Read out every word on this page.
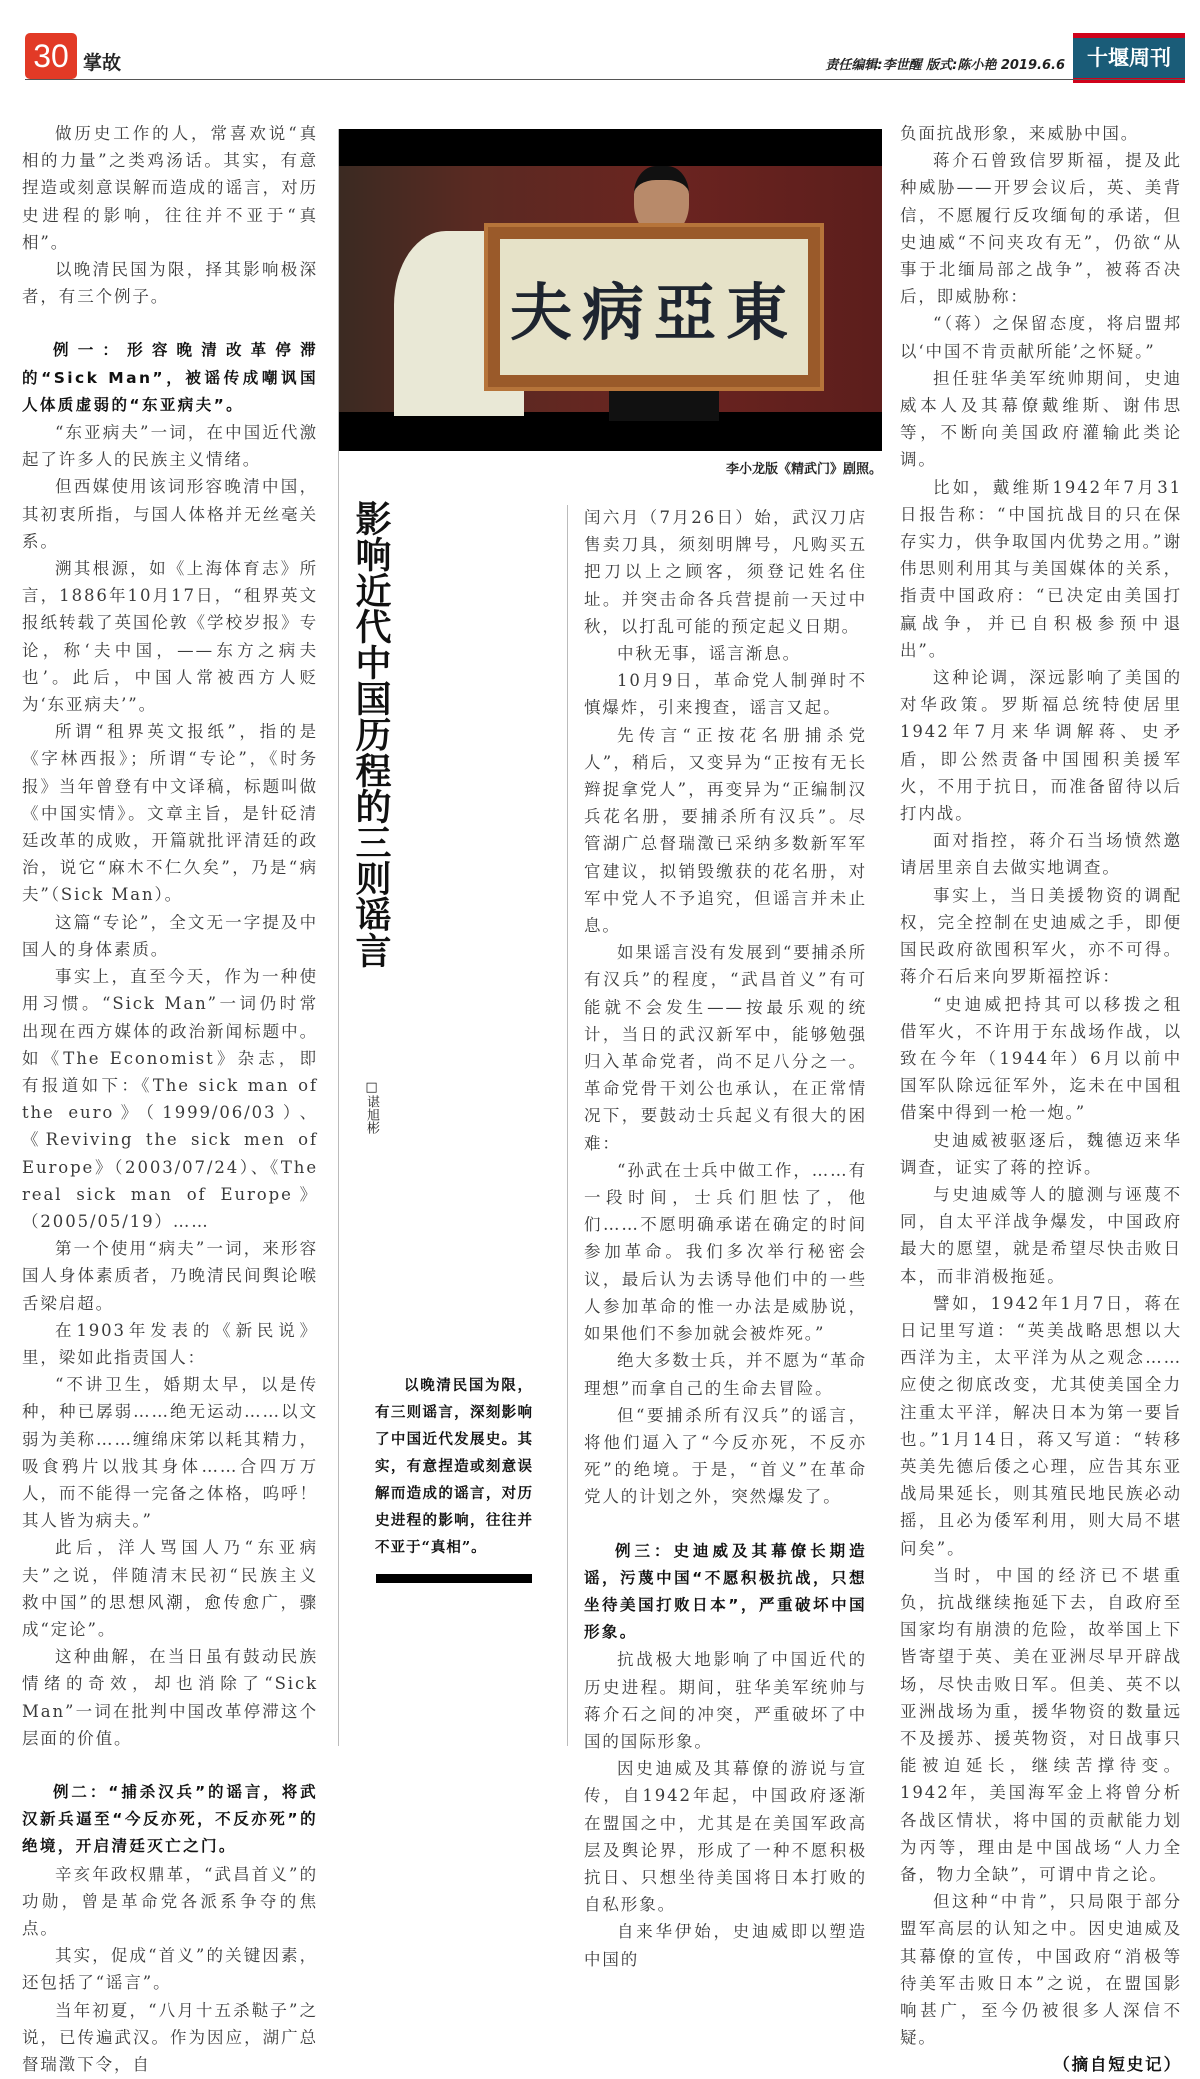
30 掌故	责任编辑:李世醒 版式:陈小艳 2019.6.6	十堰周刊

做历史工作的人，常喜欢说“真相的力量”之类鸡汤话。其实，有意捏造或刻意误解而造成的谣言，对历史进程的影响，往往并不亚于“真相”。

以晚清民国为限，择其影响极深者，有三个例子。

例一：形容晚清改革停滞的“Sick Man”，被谣传成嘲讽国人体质虚弱的“东亚病夫”。

“东亚病夫”一词，在中国近代激起了许多人的民族主义情绪。

但西媒使用该词形容晚清中国，其初衷所指，与国人体格并无丝毫关系。

溯其根源，如《上海体育志》所言，1886年10月17日，“租界英文报纸转载了英国伦敦《学校岁报》专论，称‘夫中国，——东方之病夫也’。此后，中国人常被西方人贬为‘东亚病夫’”。

所谓“租界英文报纸”，指的是《字林西报》；所谓“专论”，《时务报》当年曾登有中文译稿，标题叫做《中国实情》。文章主旨，是针砭清廷改革的成败，开篇就批评清廷的政治，说它“麻木不仁久矣”，乃是“病夫”（Sick Man）。

这篇“专论”，全文无一字提及中国人的身体素质。

事实上，直至今天，作为一种使用习惯。“Sick Man”一词仍时常出现在西方媒体的政治新闻标题中。如《The Economist》杂志，即有报道如下：《The sick man of the euro》（1999/06/03）、《Reviving the sick men of Europe》（2003/07/24）、《The real sick man of Europe》（2005/05/19）……

第一个使用“病夫”一词，来形容国人身体素质者，乃晚清民间舆论喉舌梁启超。

在1903年发表的《新民说》里，梁如此指责国人：

“不讲卫生，婚期太早，以是传种，种已孱弱……绝无运动……以文弱为美称……缠绵床笫以耗其精力，吸食鸦片以戕其身体……合四万万人，而不能得一完备之体格，呜呼！其人皆为病夫。”

此后，洋人骂国人乃“东亚病夫”之说，伴随清末民初“民族主义救中国”的思想风潮，愈传愈广，骤成“定论”。

这种曲解，在当日虽有鼓动民族情绪的奇效，却也消除了“Sick Man”一词在批判中国改革停滞这个层面的价值。

例二：“捕杀汉兵”的谣言，将武汉新兵逼至“今反亦死，不反亦死”的绝境，开启清廷灭亡之门。

辛亥年政权鼎革，“武昌首义”的功勋，曾是革命党各派系争夺的焦点。

其实，促成“首义”的关键因素，还包括了“谣言”。

当年初夏，“八月十五杀鞑子”之说，已传遍武汉。作为因应，湖广总督瑞澂下令，自

夫病亞東
李小龙版《精武门》剧照。
影响近代中国历程的三则谣言
□谌旭彬
以晚清民国为限，有三则谣言，深刻影响了中国近代发展史。其实，有意捏造或刻意误解而造成的谣言，对历史进程的影响，往往并不亚于“真相”。

闰六月（7月26日）始，武汉刀店售卖刀具，须刻明牌号，凡购买五把刀以上之顾客，须登记姓名住址。并突击命各兵营提前一天过中秋，以打乱可能的预定起义日期。

中秋无事，谣言渐息。

10月9日，革命党人制弹时不慎爆炸，引来搜查，谣言又起。

先传言“正按花名册捕杀党人”，稍后，又变异为“正按有无长辫捉拿党人”，再变异为“正编制汉兵花名册，要捕杀所有汉兵”。尽管湖广总督瑞澂已采纳多数新军军官建议，拟销毁缴获的花名册，对军中党人不予追究，但谣言并未止息。

如果谣言没有发展到“要捕杀所有汉兵”的程度，“武昌首义”有可能就不会发生——按最乐观的统计，当日的武汉新军中，能够勉强归入革命党者，尚不足八分之一。革命党骨干刘公也承认，在正常情况下，要鼓动士兵起义有很大的困难：

“孙武在士兵中做工作，……有一段时间，士兵们胆怯了，他们……不愿明确承诺在确定的时间参加革命。我们多次举行秘密会议，最后认为去诱导他们中的一些人参加革命的惟一办法是威胁说，如果他们不参加就会被炸死。”

绝大多数士兵，并不愿为“革命理想”而拿自己的生命去冒险。

但“要捕杀所有汉兵”的谣言，将他们逼入了“今反亦死，不反亦死”的绝境。于是，“首义”在革命党人的计划之外，突然爆发了。

例三：史迪威及其幕僚长期造谣，污蔑中国“不愿积极抗战，只想坐待美国打败日本”，严重破坏中国形象。

抗战极大地影响了中国近代的历史进程。期间，驻华美军统帅与蒋介石之间的冲突，严重破坏了中国的国际形象。

因史迪威及其幕僚的游说与宣传，自1942年起，中国政府逐渐在盟国之中，尤其是在美国军政高层及舆论界，形成了一种不愿积极抗日、只想坐待美国将日本打败的自私形象。

自来华伊始，史迪威即以塑造中国的

负面抗战形象，来威胁中国。

蒋介石曾致信罗斯福，提及此种威胁——开罗会议后，英、美背信，不愿履行反攻缅甸的承诺，但史迪威“不问夹攻有无”，仍欲“从事于北缅局部之战争”，被蒋否决后，即威胁称：

“（蒋）之保留态度，将启盟邦以‘中国不肯贡献所能’之怀疑。”

担任驻华美军统帅期间，史迪威本人及其幕僚戴维斯、谢伟思等，不断向美国政府灌输此类论调。

比如，戴维斯1942年7月31日报告称：“中国抗战目的只在保存实力，供争取国内优势之用。”谢伟思则利用其与美国媒体的关系，指责中国政府：“已决定由美国打赢战争，并已自积极参预中退出”。

这种论调，深远影响了美国的对华政策。罗斯福总统特使居里1942年7月来华调解蒋、史矛盾，即公然责备中国囤积美援军火，不用于抗日，而准备留待以后打内战。

面对指控，蒋介石当场愤然邀请居里亲自去做实地调查。

事实上，当日美援物资的调配权，完全控制在史迪威之手，即便国民政府欲囤积军火，亦不可得。蒋介石后来向罗斯福控诉：

“史迪威把持其可以移拨之租借军火，不许用于东战场作战，以致在今年（1944年）6月以前中国军队除远征军外，迄未在中国租借案中得到一枪一炮。”

史迪威被驱逐后，魏德迈来华调查，证实了蒋的控诉。

与史迪威等人的臆测与诬蔑不同，自太平洋战争爆发，中国政府最大的愿望，就是希望尽快击败日本，而非消极拖延。

譬如，1942年1月7日，蒋在日记里写道：“英美战略思想以大西洋为主，太平洋为从之观念……应使之彻底改变，尤其使美国全力注重太平洋，解决日本为第一要旨也。”1月14日，蒋又写道：“转移英美先德后倭之心理，应告其东亚战局果延长，则其殖民地民族必动摇，且必为倭军利用，则大局不堪问矣”。

当时，中国的经济已不堪重负，抗战继续拖延下去，自政府至国家均有崩溃的危险，故举国上下皆寄望于英、美在亚洲尽早开辟战场，尽快击败日军。但美、英不以亚洲战场为重，援华物资的数量远不及援苏、援英物资，对日战事只能被迫延长，继续苦撑待变。1942年，美国海军金上将曾分析各战区情状，将中国的贡献能力划为丙等，理由是中国战场“人力全备，物力全缺”，可谓中肯之论。

但这种“中肯”，只局限于部分盟军高层的认知之中。因史迪威及其幕僚的宣传，中国政府“消极等待美军击败日本”之说，在盟国影响甚广，至今仍被很多人深信不疑。

（摘自短史记）
